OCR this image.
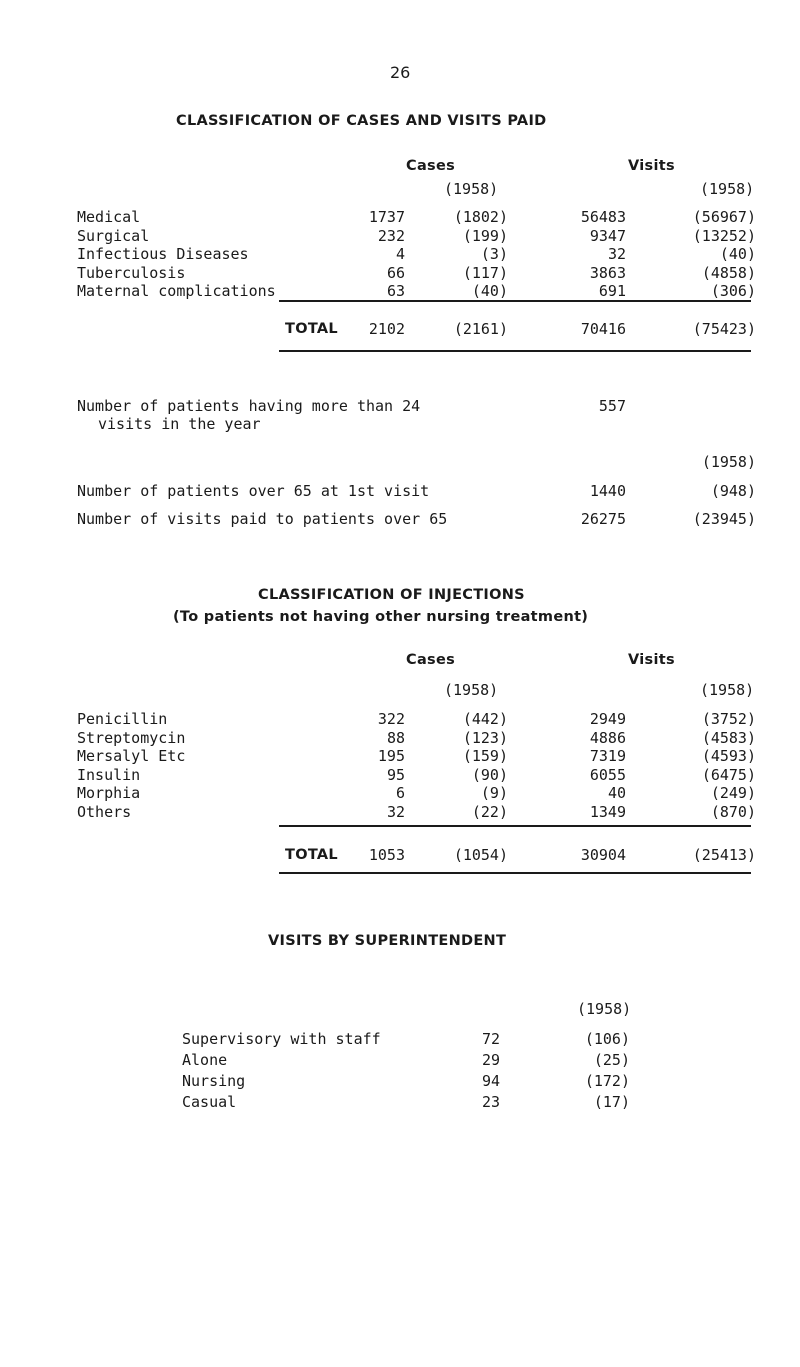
26
CLASSIFICATION OF CASES AND VISITS PAID
Cases	Visits
(1958)	(1958)
Medical	1737	(1802)	56483	(56967)
Surgical	232	(199)	9347	(13252)
Infectious Diseases	4	(3)	32	(40)
Tuberculosis	66	(117)	3863	(4858)
Maternal complications	63	(40)	691	(306)
TOTAL	2102	(2161)	70416	(75423)
Number of patients having more than 24
visits in the year
557
(1958)
Number of patients over 65 at 1st visit	1440	(948)
Number of visits paid to patients over 65	26275	(23945)
CLASSIFICATION OF INJECTIONS
(To patients not having other nursing treatment)
Cases	Visits
(1958)	(1958)
Penicillin	322	(442)	2949	(3752)
Streptomycin	88	(123)	4886	(4583)
Mersalyl Etc	195	(159)	7319	(4593)
Insulin	95	(90)	6055	(6475)
Morphia	6	(9)	40	(249)
Others	32	(22)	1349	(870)
TOTAL	1053	(1054)	30904	(25413)
VISITS BY SUPERINTENDENT
(1958)
Supervisory with staff	72	(106)
Alone	29	(25)
Nursing	94	(172)
Casual	23	(17)
